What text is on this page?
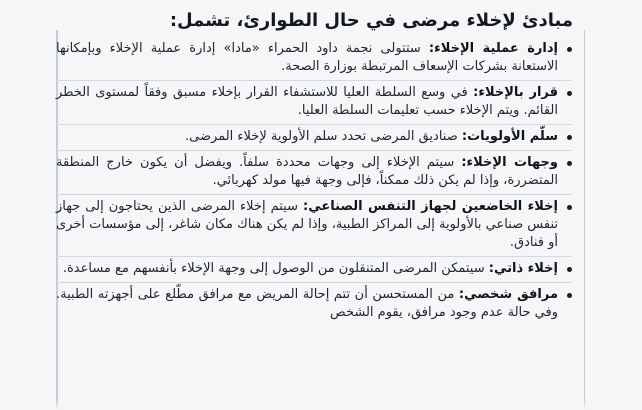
مبادئ لإخلاء مرضى في حال الطوارئ، تشمل:
إدارة عملية الإخلاء: ستتولى نجمة داود الحمراء «مادا» إدارة عملية الإخلاء وبإمكانها الاستعانة بشركات الإسعاف المرتبطة بوزارة الصحة.
قرار بالإخلاء: في وسع السلطة العليا للاستشفاء القرار بإخلاء مسبق وفقاً لمستوى الخطر القائم. ويتم الإخلاء حسب تعليمات السلطة العليا.
سلّم الأولويات: صناديق المرضى تحدد سلم الأولوية لإخلاء المرضى.
وجهات الإخلاء: سيتم الإخلاء إلى وجهات محددة سلفاً. ويفضل أن يكون خارج المنطقة المتضررة، وإذا لم يكن ذلك ممكناً، فإلى وجهة فيها مولد كهربائي.
إخلاء الخاضعين لجهاز التنفس الصناعي: سيتم إخلاء المرضى الذين يحتاجون إلى جهاز تنفس صناعي بالأولوية إلى المراكز الطبية، وإذا لم يكن هناك مكان شاغر، إلى مؤسسات أخرى أو فنادق.
إخلاء ذاتي: سيتمكن المرضى المتنقلون من الوصول إلى وجهة الإخلاء بأنفسهم مع مساعدة.
مرافق شخصي: من المستحسن أن تتم إحالة المريض مع مرافق مطّلع على أجهزته الطبية. وفي حالة عدم وجود مرافق، يقوم الشخص
